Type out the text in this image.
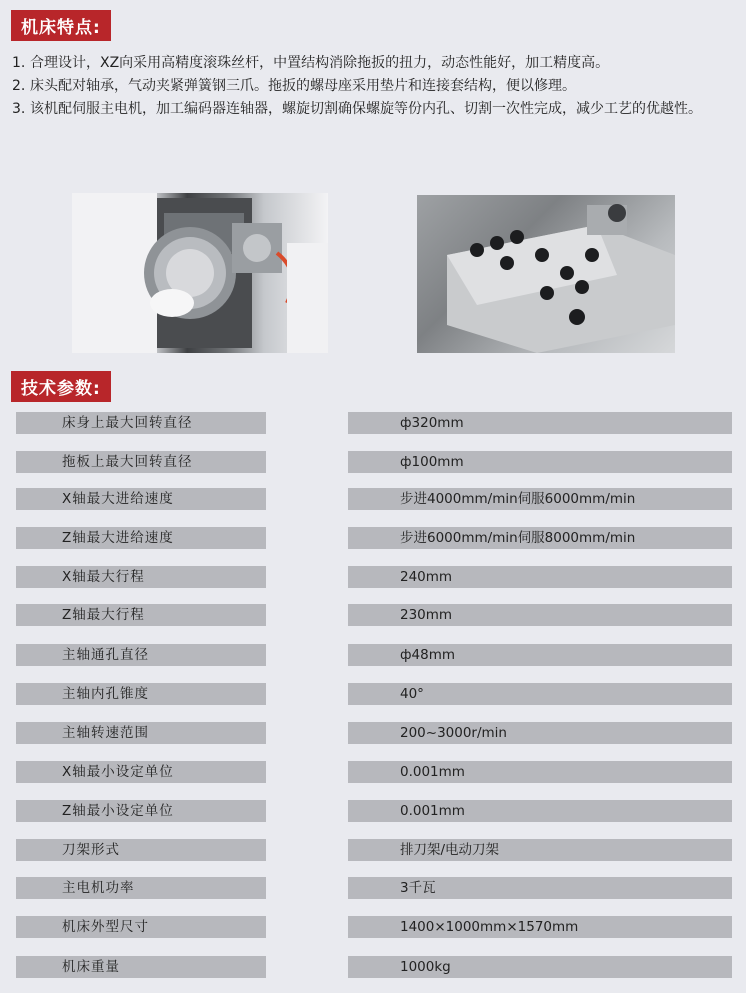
机床特点:

1. 合理设计，XZ向采用高精度滚珠丝杆，中置结构消除拖扳的扭力，动态性能好，加工精度高。

2. 床头配对轴承，气动夹紧弹簧钢三爪。拖扳的螺母座采用垫片和连接套结构，便以修理。

3. 该机配伺服主电机，加工编码器连轴器，螺旋切割确保螺旋等份内孔、切割一次性完成，减少工艺的优越性。

技术参数:
床身上最大回转直径	ф320mm
拖板上最大回转直径	ф100mm
X轴最大进给速度	步进4000mm/min伺服6000mm/min
Z轴最大进给速度	步进6000mm/min伺服8000mm/min
X轴最大行程	240mm
Z轴最大行程	230mm
主轴通孔直径	ф48mm
主轴内孔锥度	40°
主轴转速范围	200~3000r/min
X轴最小设定单位	0.001mm
Z轴最小设定单位	0.001mm
刀架形式	排刀架/电动刀架
主电机功率	3千瓦
机床外型尺寸	1400×1000mm×1570mm
机床重量	1000kg
